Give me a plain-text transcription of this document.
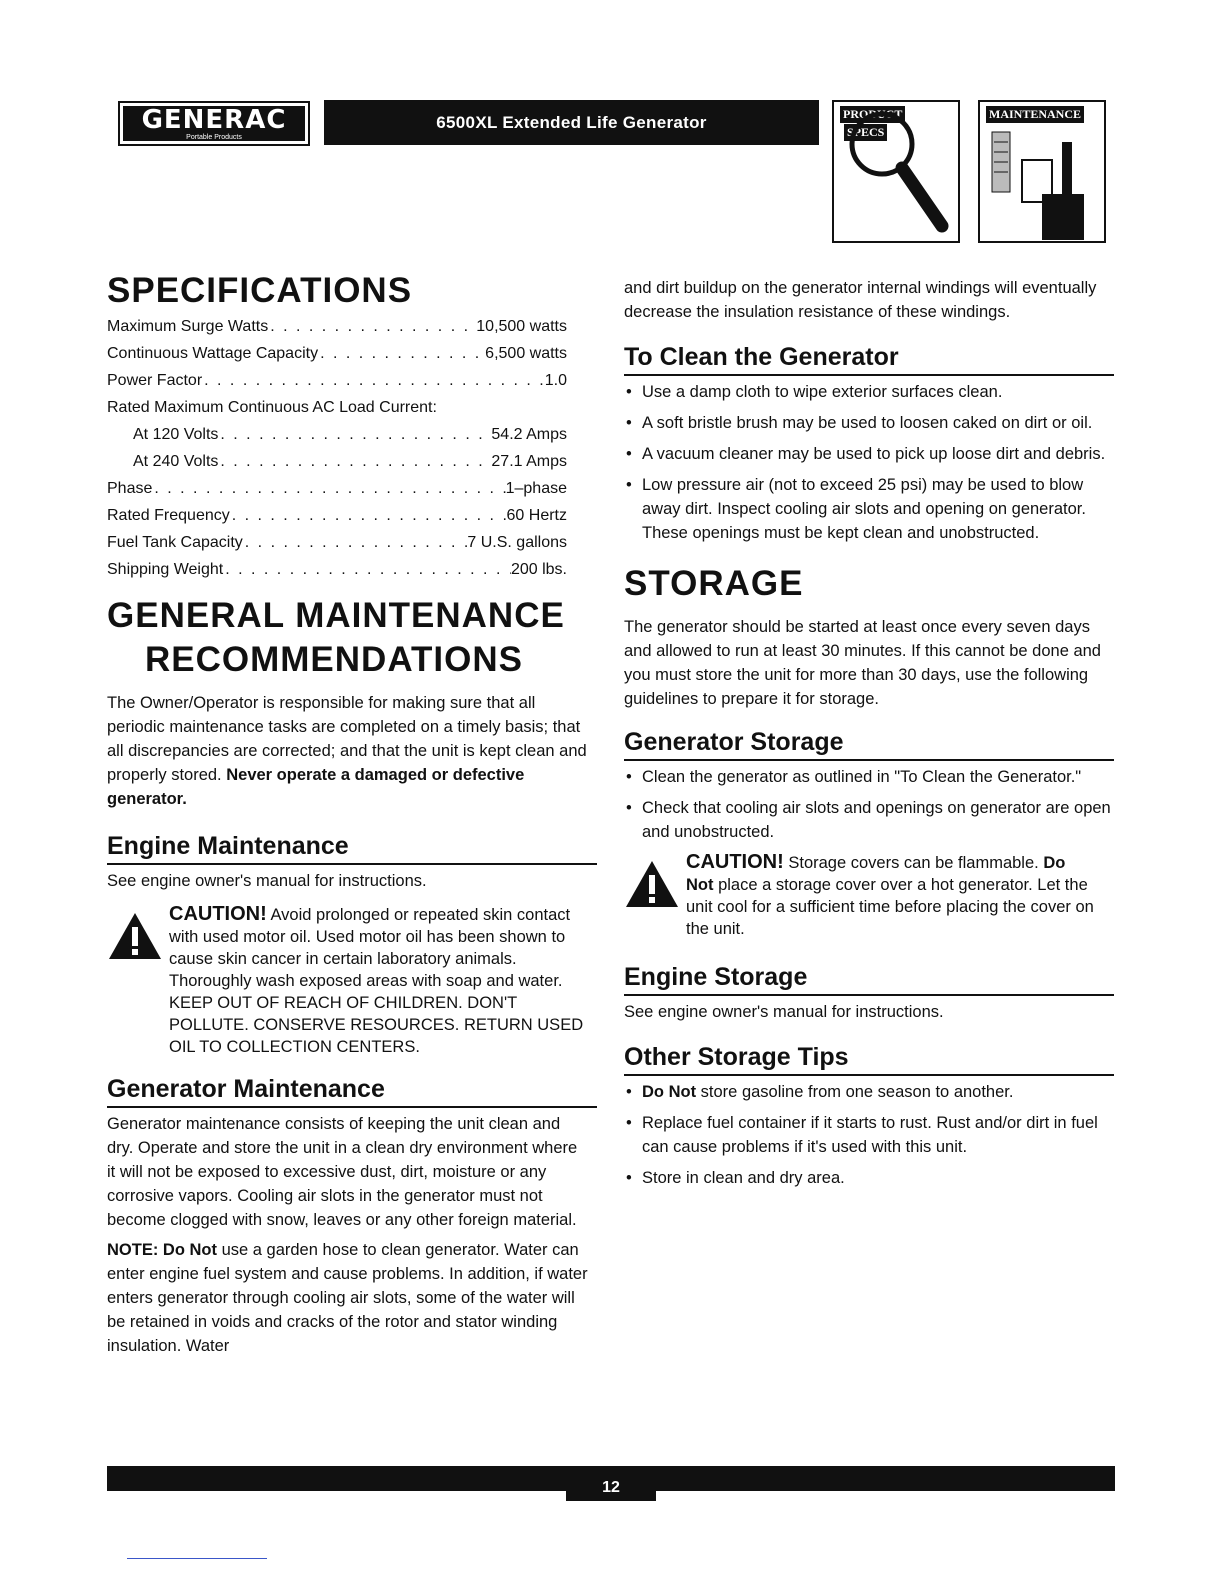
GENERAC
Portable Products
6500XL Extended Life Generator	PRODUCT
SPECS
MAINTENANCE
SPECIFICATIONS
Maximum Surge Watts . . .	10,500 watts
Continuous Wattage Capacity . . .	6,500 watts
Power Factor . . .	1.0
Rated Maximum Continuous AC Load Current:
At 120 Volts . . .	54.2 Amps
At 240 Volts . . .	27.1 Amps
Phase . . .	1–phase
Rated Frequency . . .	60 Hertz
Fuel Tank Capacity . . .	7 U.S. gallons
Shipping Weight . . .	200 lbs.
GENERAL MAINTENANCE
RECOMMENDATIONS
The Owner/Operator is responsible for making sure that all periodic maintenance tasks are completed on a timely basis; that all discrepancies are corrected; and that the unit is kept clean and properly stored. Never operate a damaged or defective generator.
Engine Maintenance
See engine owner's manual for instructions.
CAUTION! Avoid prolonged or repeated skin contact with used motor oil. Used motor oil has been shown to cause skin cancer in certain laboratory animals. Thoroughly wash exposed areas with soap and water.
KEEP OUT OF REACH OF CHILDREN. DON'T POLLUTE. CONSERVE RESOURCES. RETURN USED OIL TO COLLECTION CENTERS.
Generator Maintenance
Generator maintenance consists of keeping the unit clean and dry. Operate and store the unit in a clean dry environment where it will not be exposed to excessive dust, dirt, moisture or any corrosive vapors. Cooling air slots in the generator must not become clogged with snow, leaves or any other foreign material.
NOTE: Do Not use a garden hose to clean generator. Water can enter engine fuel system and cause problems. In addition, if water enters generator through cooling air slots, some of the water will be retained in voids and cracks of the rotor and stator winding insulation. Water
and dirt buildup on the generator internal windings will eventually decrease the insulation resistance of these windings.
To Clean the Generator
• Use a damp cloth to wipe exterior surfaces clean.
• A soft bristle brush may be used to loosen caked on dirt or oil.
• A vacuum cleaner may be used to pick up loose dirt and debris.
• Low pressure air (not to exceed 25 psi) may be used to blow away dirt. Inspect cooling air slots and opening on generator. These openings must be kept clean and unobstructed.
STORAGE
The generator should be started at least once every seven days and allowed to run at least 30 minutes. If this cannot be done and you must store the unit for more than 30 days, use the following guidelines to prepare it for storage.
Generator Storage
• Clean the generator as outlined in "To Clean the Generator."
• Check that cooling air slots and openings on generator are open and unobstructed.
CAUTION! Storage covers can be flammable. Do Not place a storage cover over a hot generator. Let the unit cool for a sufficient time before placing the cover on the unit.
Engine Storage
See engine owner's manual for instructions.
Other Storage Tips
• Do Not store gasoline from one season to another.
• Replace fuel container if it starts to rust. Rust and/or dirt in fuel can cause problems if it's used with this unit.
• Store in clean and dry area.
12
